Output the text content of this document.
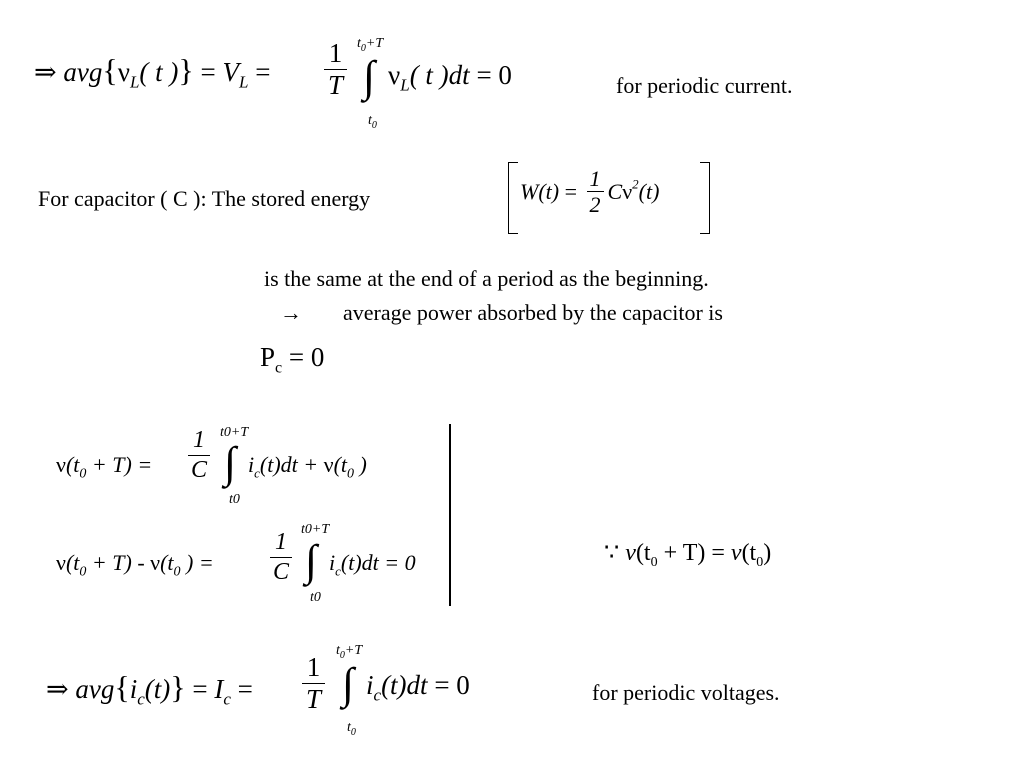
⇒ $avg\{\nu_L$( t )} = $V_L = \frac{1}{T} t_0+T$
∫
$t_0$
$\nu_L$( t )dt = 0	for periodic current.
For capacitor ( C ): The stored energy	$W(t) = \frac{1}{2} C\nu^2(t)$
is the same at the end of a period as the beginning.
→ average power absorbed by the capacitor is
$P_c = 0$
$\nu(t_0 + T) = \frac{1}{C} t0+T$
∫
t0
$i_c(t)dt + \nu(t_0$ )
$\nu(t_0 + T) - \nu(t_0$ ) = $\frac{1}{C} t0+T$
∫
t0
$i_c(t)dt = 0$	∵ $\nu(t_0 + T) = \nu(t_0)$
⇒ $avg\{i_c(t)\} = I_c = \frac{1}{T}$
$t_0+T$
∫
$t_0$
$i_c(t)dt = 0$	for periodic voltages.
